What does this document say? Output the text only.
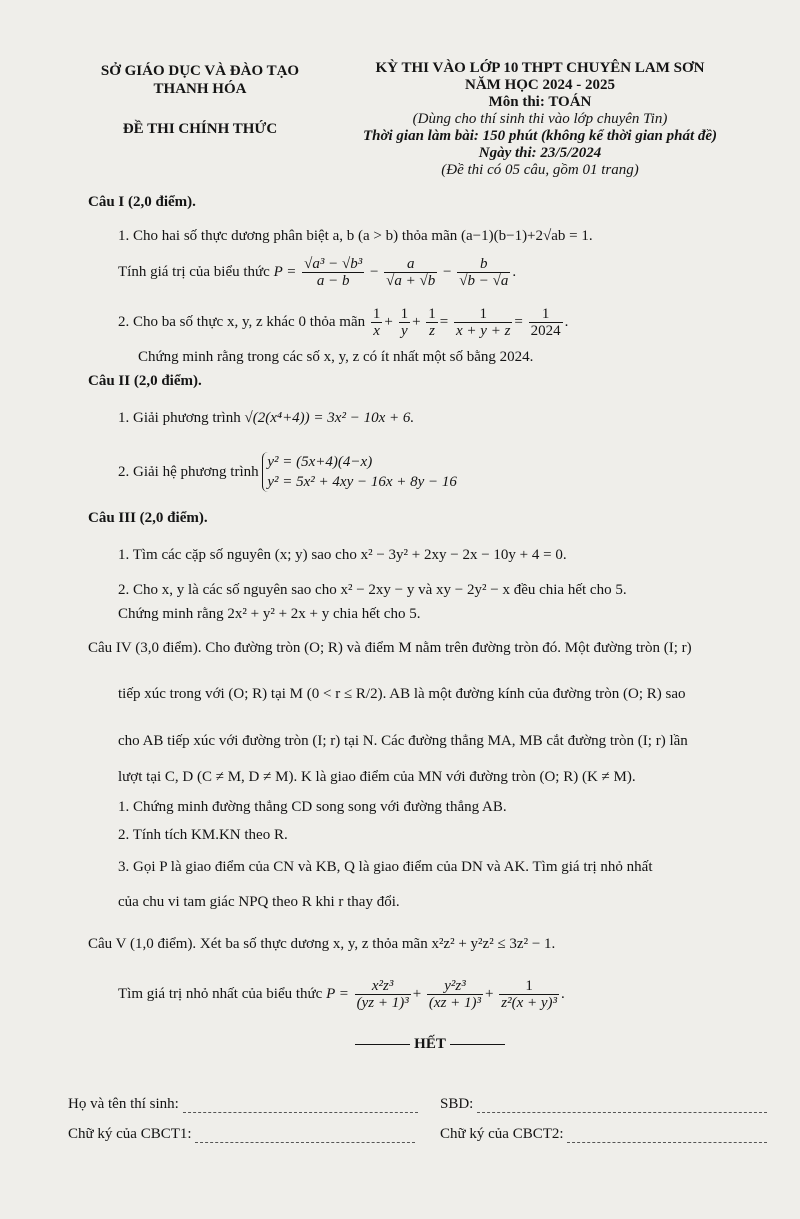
SỞ GIÁO DỤC VÀ ĐÀO TẠO
THANH HÓA
ĐỀ THI CHÍNH THỨC
KỲ THI VÀO LỚP 10 THPT CHUYÊN LAM SƠN
NĂM HỌC 2024 - 2025
Môn thi: TOÁN
(Dùng cho thí sinh thi vào lớp chuyên Tin)
Thời gian làm bài: 150 phút (không kể thời gian phát đề)
Ngày thi: 23/5/2024
(Đề thi có 05 câu, gồm 01 trang)
Câu I (2,0 điểm).
1. Cho hai số thực dương phân biệt a, b (a > b) thỏa mãn (a−1)(b−1)+2√ab = 1.
Tính giá trị của biểu thức $P = \frac{\text{√a³ − √b³}}{a - b} - \frac{a}{√a + √b} - \frac{b}{√b - √a}$ .
2. Cho ba số thực x, y, z khác 0 thỏa mãn $\frac{1}{x} + \frac{1}{y} + \frac{1}{z} = \frac{1}{x + y + z} = \frac{1}{2024}$ .
Chứng minh rằng trong các số x, y, z có ít nhất một số bằng 2024.
Câu II (2,0 điểm).
1. Giải phương trình √(2(x⁴+4)) = 3x² − 10x + 6.
2. Giải hệ phương trình
y² = (5x+4)(4−x)
y² = 5x² + 4xy − 16x + 8y − 16
Câu III (2,0 điểm).
1. Tìm các cặp số nguyên (x; y) sao cho x² − 3y² + 2xy − 2x − 10y + 4 = 0.
2. Cho x, y là các số nguyên sao cho x² − 2xy − y và xy − 2y² − x đều chia hết cho 5.
Chứng minh rằng 2x² + y² + 2x + y chia hết cho 5.
Câu IV (3,0 điểm). Cho đường tròn (O; R) và điểm M nằm trên đường tròn đó. Một đường tròn (I; r)
tiếp xúc trong với (O; R) tại M (0 < r ≤ R/2). AB là một đường kính của đường tròn (O; R) sao
cho AB tiếp xúc với đường tròn (I; r) tại N. Các đường thẳng MA, MB cắt đường tròn (I; r) lần
lượt tại C, D (C ≠ M, D ≠ M). K là giao điểm của MN với đường tròn (O; R) (K ≠ M).
1. Chứng minh đường thẳng CD song song với đường thẳng AB.
2. Tính tích KM.KN theo R.
3. Gọi P là giao điểm của CN và KB, Q là giao điểm của DN và AK. Tìm giá trị nhỏ nhất
của chu vi tam giác NPQ theo R khi r thay đổi.
Câu V (1,0 điểm). Xét ba số thực dương x, y, z thỏa mãn x²z² + y²z² ≤ 3z² − 1.
Tìm giá trị nhỏ nhất của biểu thức $P = \frac{\text{x²z³}}{\text{(yz + 1)³}} + \frac{\text{y²z³}}{\text{(xz + 1)³}} + \frac{1}{\text{z²(x + y)³}}$ .
HẾT
Họ và tên thí sinh:	SBD:
Chữ ký của CBCT1:	Chữ ký của CBCT2:
